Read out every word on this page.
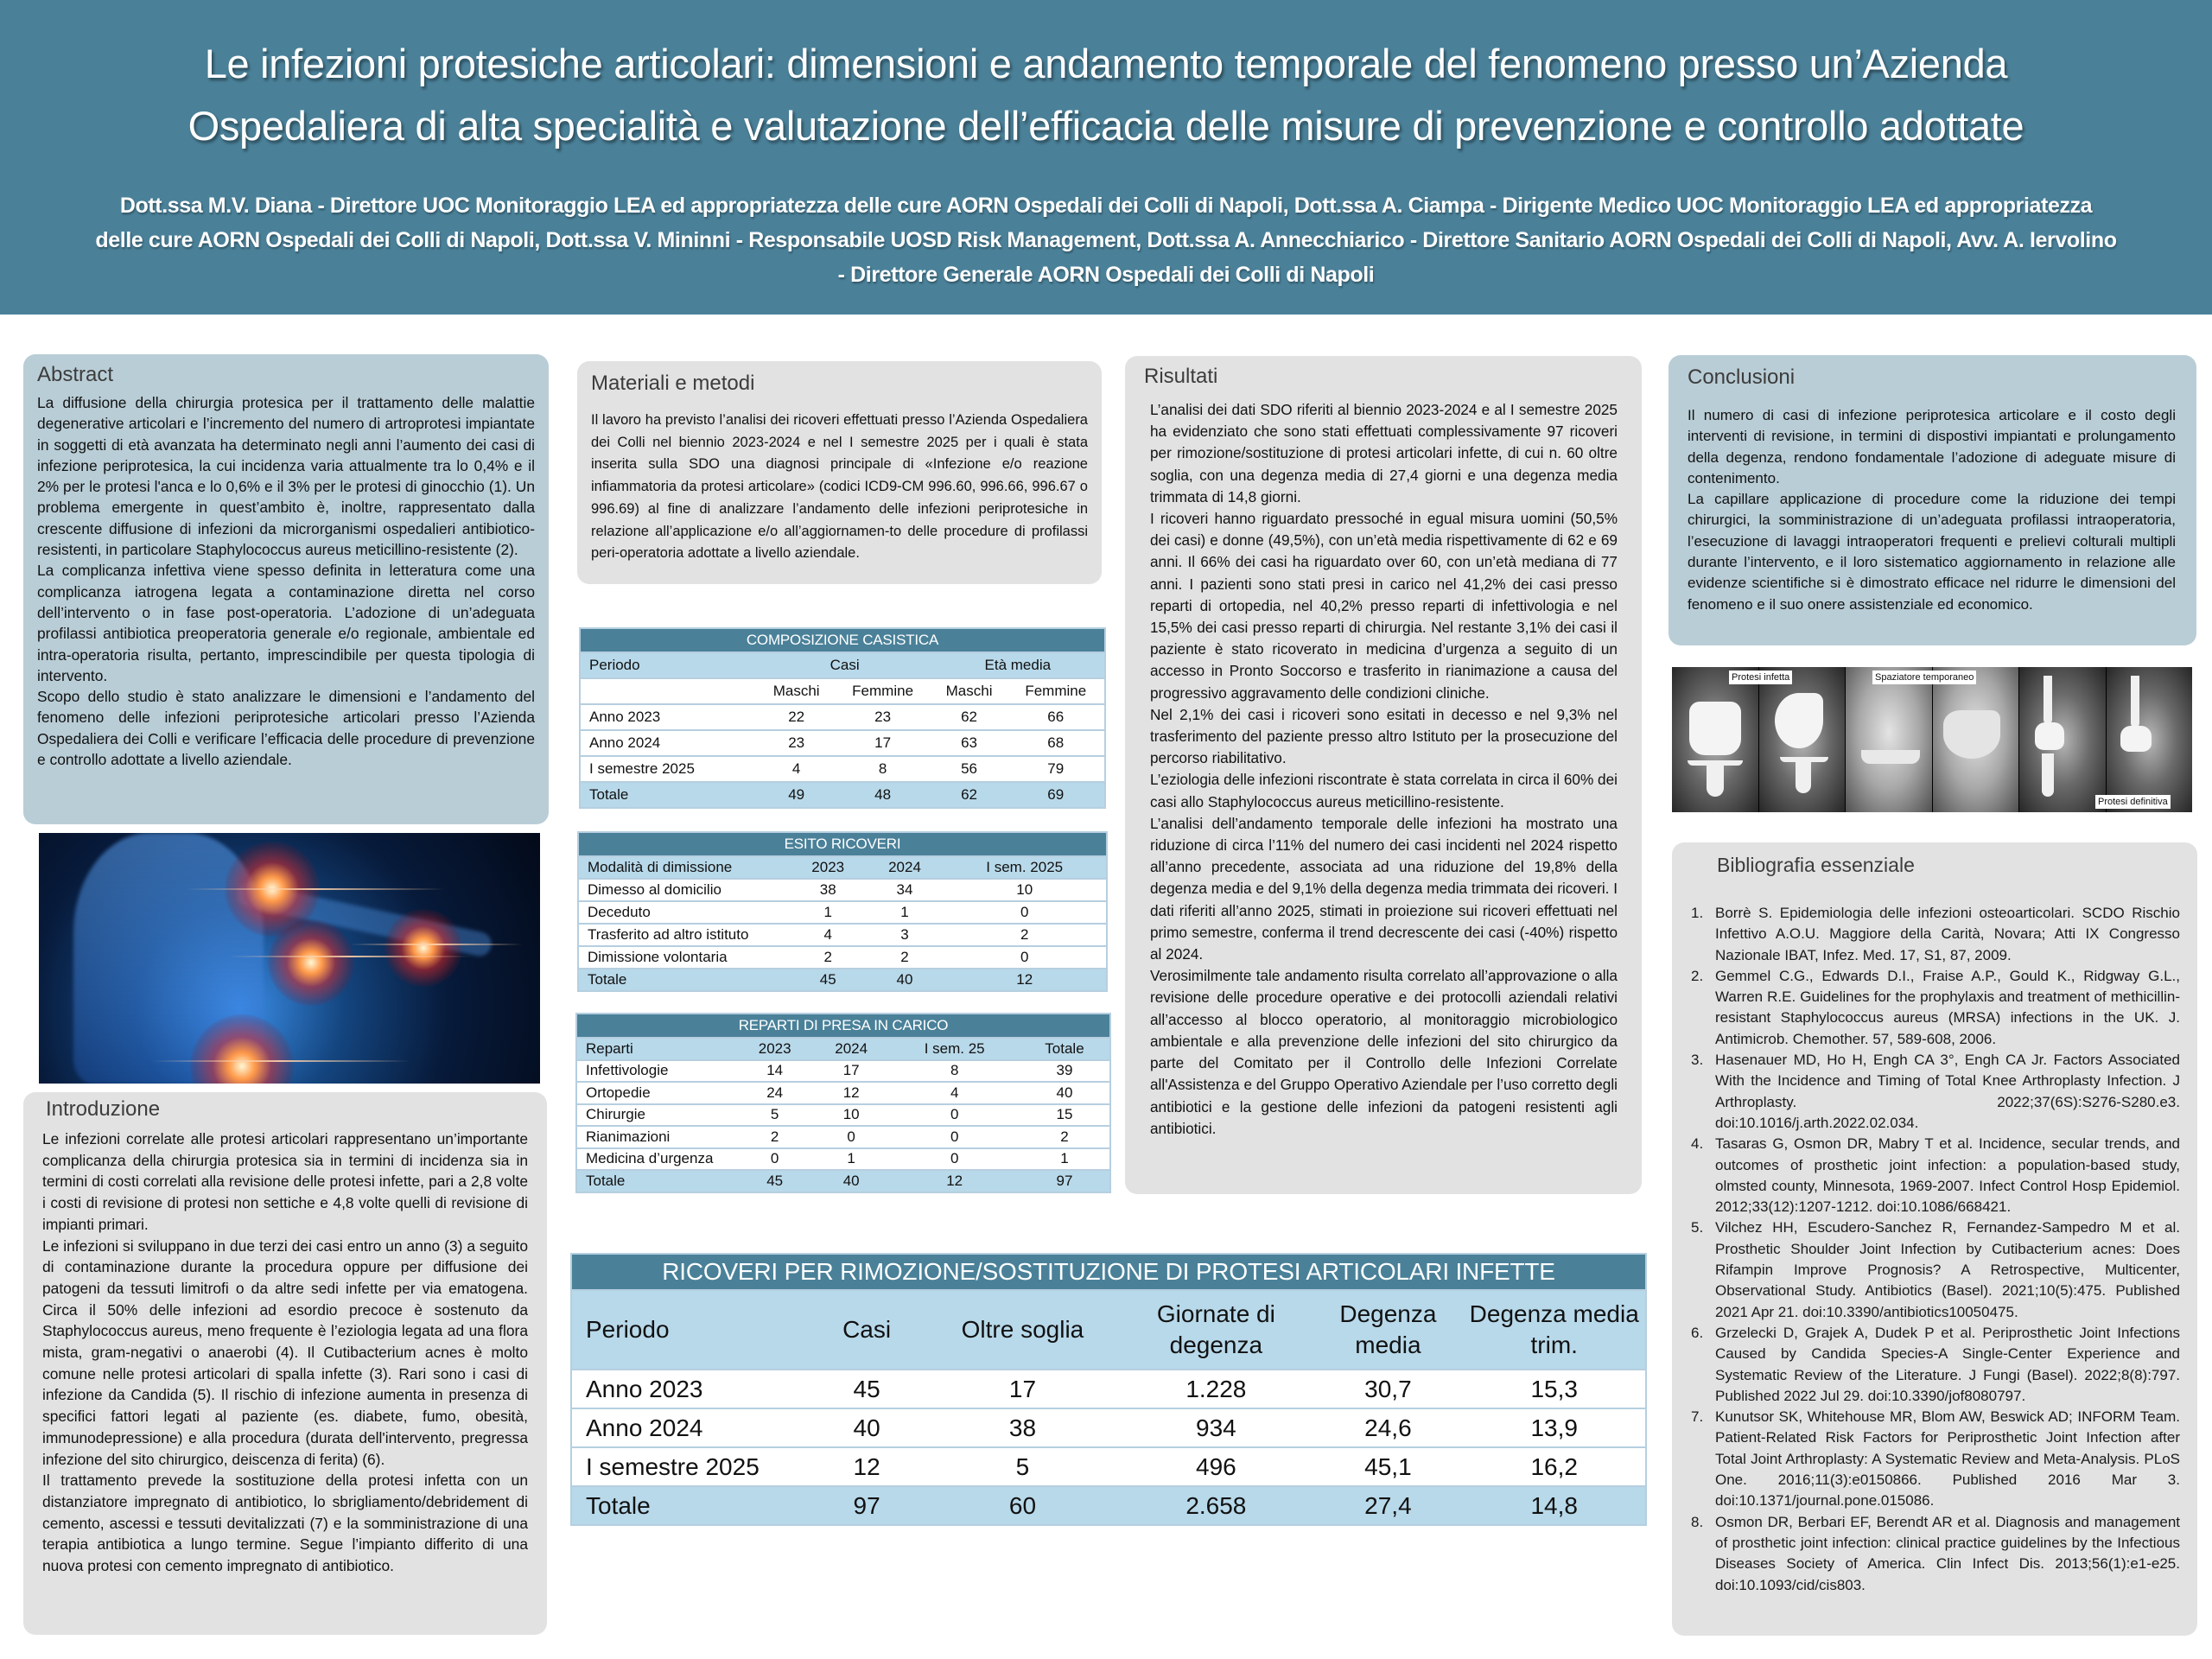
Le infezioni protesiche articolari: dimensioni e andamento temporale del fenomeno presso un’Azienda
Ospedaliera di alta specialità e valutazione dell’efficacia delle misure di prevenzione e controllo adottate
Dott.ssa M.V. Diana - Direttore UOC Monitoraggio LEA ed appropriatezza delle cure AORN Ospedali dei Colli di Napoli, Dott.ssa A. Ciampa - Dirigente Medico UOC Monitoraggio LEA ed appropriatezza
delle cure AORN Ospedali dei Colli di Napoli, Dott.ssa V. Mininni - Responsabile UOSD Risk Management, Dott.ssa A. Annecchiarico - Direttore Sanitario AORN Ospedali dei Colli di Napoli, Avv. A. Iervolino
- Direttore Generale AORN Ospedali dei Colli di Napoli
Abstract

La diffusione della chirurgia protesica per il trattamento delle malattie degenerative articolari e l’incremento del numero di artroprotesi impiantate in soggetti di età avanzata ha determinato negli anni l’aumento dei casi di infezione periprotesica, la cui incidenza varia attualmente tra lo 0,4% e il 2% per le protesi l'anca e lo 0,6% e il 3% per le protesi di ginocchio (1). Un problema emergente in quest’ambito è, inoltre, rappresentato dalla crescente diffusione di infezioni da microrganismi ospedalieri antibiotico-resistenti, in particolare Staphylococcus aureus meticillino-resistente (2).

La complicanza infettiva viene spesso definita in letteratura come una complicanza iatrogena legata a contaminazione diretta nel corso dell’intervento o in fase post-operatoria. L’adozione di un’adeguata profilassi antibiotica preoperatoria generale e/o regionale, ambientale ed intra-operatoria risulta, pertanto, imprescindibile per questa tipologia di intervento.

Scopo dello studio è stato analizzare le dimensioni e l’andamento del fenomeno delle infezioni periprotesiche articolari presso l’Azienda Ospedaliera dei Colli e verificare l’efficacia delle procedure di prevenzione e controllo adottate a livello aziendale.

Introduzione

Le infezioni correlate alle protesi articolari rappresentano un’importante complicanza della chirurgia protesica sia in termini di incidenza sia in termini di costi correlati alla revisione delle protesi infette, pari a 2,8 volte i costi di revisione di protesi non settiche e 4,8 volte quelli di revisione di impianti primari.

Le infezioni si sviluppano in due terzi dei casi entro un anno (3) a seguito di contaminazione durante la procedura oppure per diffusione dei patogeni da tessuti limitrofi o da altre sedi infette per via ematogena. Circa il 50% delle infezioni ad esordio precoce è sostenuto da Staphylococcus aureus, meno frequente è l’eziologia legata ad una flora mista, gram-negativi o anaerobi (4). Il Cutibacterium acnes è molto comune nelle protesi articolari di spalla infette (3). Rari sono i casi di infezione da Candida (5). Il rischio di infezione aumenta in presenza di specifici fattori legati al paziente (es. diabete, fumo, obesità, immunodepressione) e alla procedura (durata dell'intervento, pregressa infezione del sito chirurgico, deiscenza di ferita) (6).

Il trattamento prevede la sostituzione della protesi infetta con un distanziatore impregnato di antibiotico, lo sbrigliamento/debridement di cemento, ascessi e tessuti devitalizzati (7) e la somministrazione di una terapia antibiotica a lungo termine. Segue l’impianto differito di una nuova protesi con cemento impregnato di antibiotico.

Materiali e metodi

Il lavoro ha previsto l’analisi dei ricoveri effettuati presso l’Azienda Ospedaliera dei Colli nel biennio 2023-2024 e nel I semestre 2025 per i quali è stata inserita sulla SDO una diagnosi principale di «Infezione e/o reazione infiammatoria da protesi articolare» (codici ICD9-CM 996.60, 996.66, 996.67 o 996.69) al fine di analizzare l’andamento delle infezioni periprotesiche in relazione all’applicazione e/o all’aggiornamen-to delle procedure di profilassi peri-operatoria adottate a livello aziendale.

COMPOSIZIONE CASISTICA				
Periodo	Casi		Età media	
	Maschi	Femmine	Maschi	Femmine
Anno 2023	22	23	62	66
Anno 2024	23	17	63	68
I semestre 2025	4	8	56	79
Totale	49	48	62	69
ESITO RICOVERI			
Modalità di dimissione	2023	2024	I sem. 2025
Dimesso al domicilio	38	34	10
Deceduto	1	1	0
Trasferito ad altro istituto	4	3	2
Dimissione volontaria	2	2	0
Totale	45	40	12
REPARTI DI PRESA IN CARICO				
Reparti	2023	2024	I sem. 25	Totale
Infettivologie	14	17	8	39
Ortopedie	24	12	4	40
Chirurgie	5	10	0	15
Rianimazioni	2	0	0	2
Medicina d’urgenza	0	1	0	1
Totale	45	40	12	97
Risultati

L’analisi dei dati SDO riferiti al biennio 2023-2024 e al I semestre 2025 ha evidenziato che sono stati effettuati complessivamente 97 ricoveri per rimozione/sostituzione di protesi articolari infette, di cui n. 60 oltre soglia, con una degenza media di 27,4 giorni e una degenza media trimmata di 14,8 giorni.

I ricoveri hanno riguardato pressoché in egual misura uomini (50,5% dei casi) e donne (49,5%), con un’età media rispettivamente di 62 e 69 anni. Il 66% dei casi ha riguardato over 60, con un’età mediana di 77 anni. I pazienti sono stati presi in carico nel 41,2% dei casi presso reparti di ortopedia, nel 40,2% presso reparti di infettivologia e nel 15,5% dei casi presso reparti di chirurgia. Nel restante 3,1% dei casi il paziente è stato ricoverato in medicina d’urgenza a seguito di un accesso in Pronto Soccorso e trasferito in rianimazione a causa del progressivo aggravamento delle condizioni cliniche.

Nel 2,1% dei casi i ricoveri sono esitati in decesso e nel 9,3% nel trasferimento del paziente presso altro Istituto per la prosecuzione del percorso riabilitativo.

L’eziologia delle infezioni riscontrate è stata correlata in circa il 60% dei casi allo Staphylococcus aureus meticillino-resistente.

L’analisi dell’andamento temporale delle infezioni ha mostrato una riduzione di circa l’11% del numero dei casi incidenti nel 2024 rispetto all’anno precedente, associata ad una riduzione del 19,8% della degenza media e del 9,1% della degenza media trimmata dei ricoveri. I dati riferiti all’anno 2025, stimati in proiezione sui ricoveri effettuati nel primo semestre, conferma il trend decrescente dei casi (-40%) rispetto al 2024.

Verosimilmente tale andamento risulta correlato all’approvazione o alla revisione delle procedure operative e dei protocolli aziendali relativi all’accesso al blocco operatorio, al monitoraggio microbiologico ambientale e alla prevenzione delle infezioni del sito chirurgico da parte del Comitato per il Controllo delle Infezioni Correlate all'Assistenza e del Gruppo Operativo Aziendale per l’uso corretto degli antibiotici e la gestione delle infezioni da patogeni resistenti agli antibiotici.

RICOVERI PER RIMOZIONE/SOSTITUZIONE DI PROTESI ARTICOLARI INFETTE					
Periodo	Casi	Oltre soglia	Giornate di degenza	Degenza media	Degenza media trim.
Anno 2023	45	17	1.228	30,7	15,3
Anno 2024	40	38	934	24,6	13,9
I semestre 2025	12	5	496	45,1	16,2
Totale	97	60	2.658	27,4	14,8
Conclusioni

Il numero di casi di infezione periprotesica articolare e il costo degli interventi di revisione, in termini di dispostivi impiantati e prolungamento della degenza, rendono fondamentale l’adozione di adeguate misure di contenimento.

La capillare applicazione di procedure come la riduzione dei tempi chirurgici, la somministrazione di un’adeguata profilassi intraoperatoria, l’esecuzione di lavaggi intraoperatori frequenti e prelievi colturali multipli durante l’intervento, e il loro sistematico aggiornamento in relazione alle evidenze scientifiche si è dimostrato efficace nel ridurre le dimensioni del fenomeno e il suo onere assistenziale ed economico.

Protesi infetta	Spaziatore temporaneo
Protesi definitiva
Bibliografia essenziale
1. Borrè S. Epidemiologia delle infezioni osteoarticolari. SCDO Rischio Infettivo A.O.U. Maggiore della Carità, Novara; Atti IX Congresso Nazionale IBAT, Infez. Med. 17, S1, 87, 2009.
2. Gemmel C.G., Edwards D.I., Fraise A.P., Gould K., Ridgway G.L., Warren R.E. Guidelines for the prophylaxis and treatment of methicillin-resistant Staphylococcus aureus (MRSA) infections in the UK. J. Antimicrob. Chemother. 57, 589-608, 2006.
3. Hasenauer MD, Ho H, Engh CA 3°, Engh CA Jr. Factors Associated With the Incidence and Timing of Total Knee Arthroplasty Infection. J Arthroplasty. 2022;37(6S):S276-S280.e3. doi:10.1016/j.arth.2022.02.034.
4. Tasaras G, Osmon DR, Mabry T et al. Incidence, secular trends, and outcomes of prosthetic joint infection: a population-based study, olmsted county, Minnesota, 1969-2007. Infect Control Hosp Epidemiol. 2012;33(12):1207-1212. doi:10.1086/668421.
5. Vilchez HH, Escudero-Sanchez R, Fernandez-Sampedro M et al. Prosthetic Shoulder Joint Infection by Cutibacterium acnes: Does Rifampin Improve Prognosis? A Retrospective, Multicenter, Observational Study. Antibiotics (Basel). 2021;10(5):475. Published 2021 Apr 21. doi:10.3390/antibiotics10050475.
6. Grzelecki D, Grajek A, Dudek P et al. Periprosthetic Joint Infections Caused by Candida Species-A Single-Center Experience and Systematic Review of the Literature. J Fungi (Basel). 2022;8(8):797. Published 2022 Jul 29. doi:10.3390/jof8080797.
7. Kunutsor SK, Whitehouse MR, Blom AW, Beswick AD; INFORM Team. Patient-Related Risk Factors for Periprosthetic Joint Infection after Total Joint Arthroplasty: A Systematic Review and Meta-Analysis. PLoS One. 2016;11(3):e0150866. Published 2016 Mar 3. doi:10.1371/journal.pone.015086.
8. Osmon DR, Berbari EF, Berendt AR et al. Diagnosis and management of prosthetic joint infection: clinical practice guidelines by the Infectious Diseases Society of America. Clin Infect Dis. 2013;56(1):e1-e25. doi:10.1093/cid/cis803.
